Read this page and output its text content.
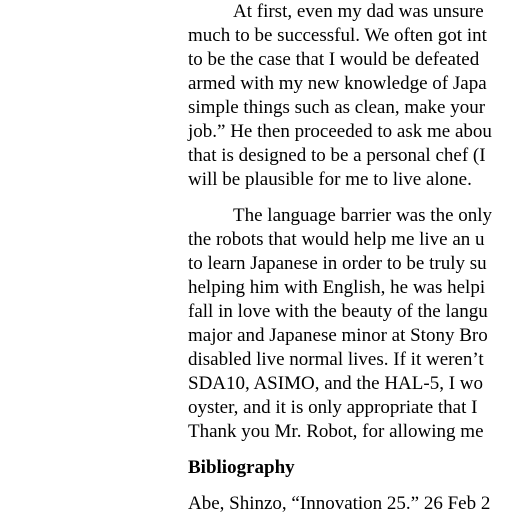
At first, even my dad was unsure
much to be successful. We often got int
to be the case that I would be defeated
armed with my new knowledge of Japa
simple things such as clean, make your
job.” He then proceeded to ask me abou
that is designed to be a personal chef (I
will be plausible for me to live alone.
The language barrier was the only
the robots that would help me live an u
to learn Japanese in order to be truly su
helping him with English, he was helpi
fall in love with the beauty of the langu
major and Japanese minor at Stony Bro
disabled live normal lives. If it weren’t
SDA10, ASIMO, and the HAL-5, I wo
oyster, and it is only appropriate that I
Thank you Mr. Robot, for allowing me
Bibliography
Abe, Shinzo, “Innovation 25.” 26 Feb 2
